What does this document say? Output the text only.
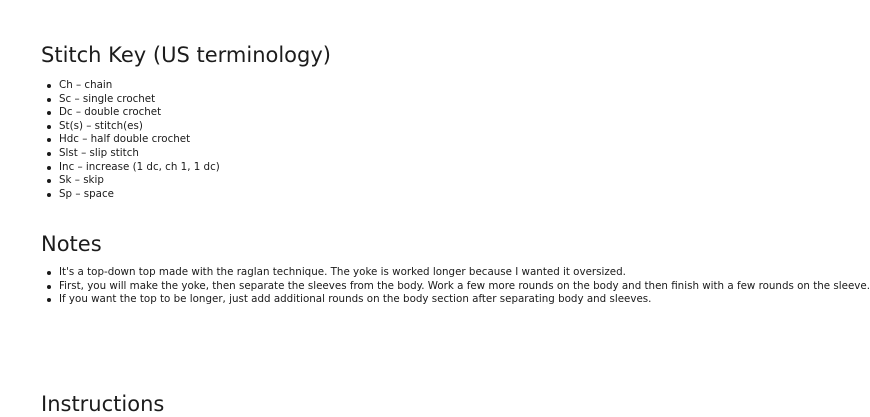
Stitch Key (US terminology)
Ch – chain
Sc – single crochet
Dc – double crochet
St(s) – stitch(es)
Hdc – half double crochet
Slst – slip stitch
Inc – increase (1 dc, ch 1, 1 dc)
Sk – skip
Sp – space
Notes
It's a top-down top made with the raglan technique. The yoke is worked longer because I wanted it oversized.
First, you will make the yoke, then separate the sleeves from the body. Work a few more rounds on the body and then finish with a few rounds on the sleeve.
If you want the top to be longer, just add additional rounds on the body section after separating body and sleeves.
Instructions
